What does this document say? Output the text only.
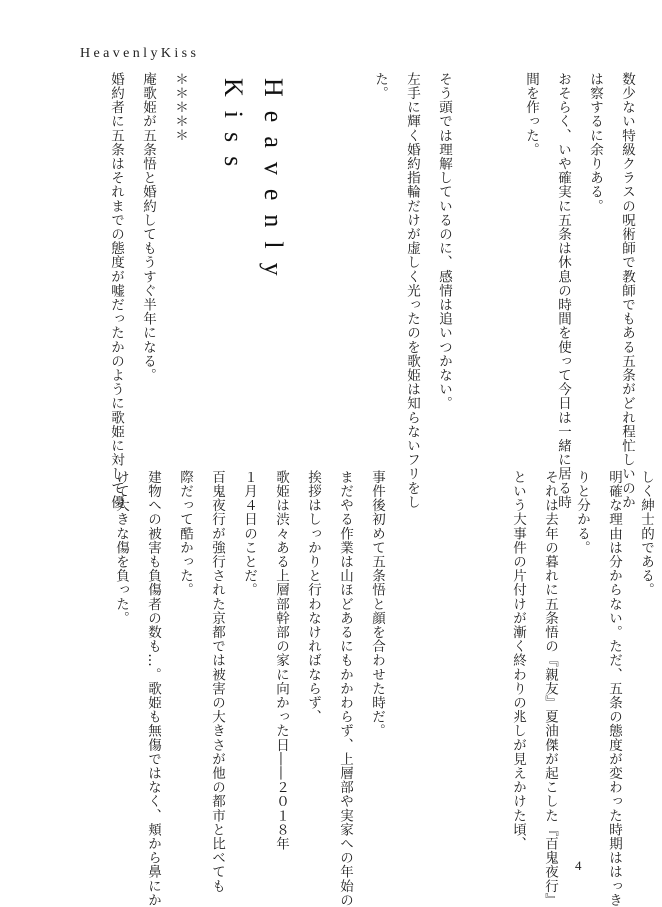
HeavenlyKiss
数少ない特級クラスの呪術師で教師でもある五条がどれ程忙しいのか
は察するに余りある。
おそらく、いや確実に五条は休息の時間を使って今日は一緒に居る時
間を作った。
そう頭では理解しているのに、感情は追いつかない。
左手に輝く婚約指輪だけが虚しく光ったのを歌姫は知らないフリをし
た。
Heavenly Kiss
＊＊＊＊＊
庵歌姫が五条悟と婚約してもうすぐ半年になる。
婚約者に五条はそれまでの態度が嘘だったかのように歌姫に対して優
しく紳士的である。
明確な理由は分からない。ただ、五条の態度が変わった時期ははっき
りと分かる。
それは去年の暮れに五条悟の『親友』夏油傑が起こした『百鬼夜行』
という大事件の片付けが漸く終わりの兆しが見えかけた頃、
事件後初めて五条悟と顔を合わせた時だ。
まだやる作業は山ほどあるにもかかわらず、上層部や実家への年始の
挨拶はしっかりと行わなければならず、
歌姫は渋々ある上層部幹部の家に向かった日――２０１８年
１月４日のことだ。
百鬼夜行が強行された京都では被害の大きさが他の都市と比べても
際だって酷かった。
建物への被害も負傷者の数も…。歌姫も無傷ではなく、頬から鼻にか
けて大きな傷を負った。
4
